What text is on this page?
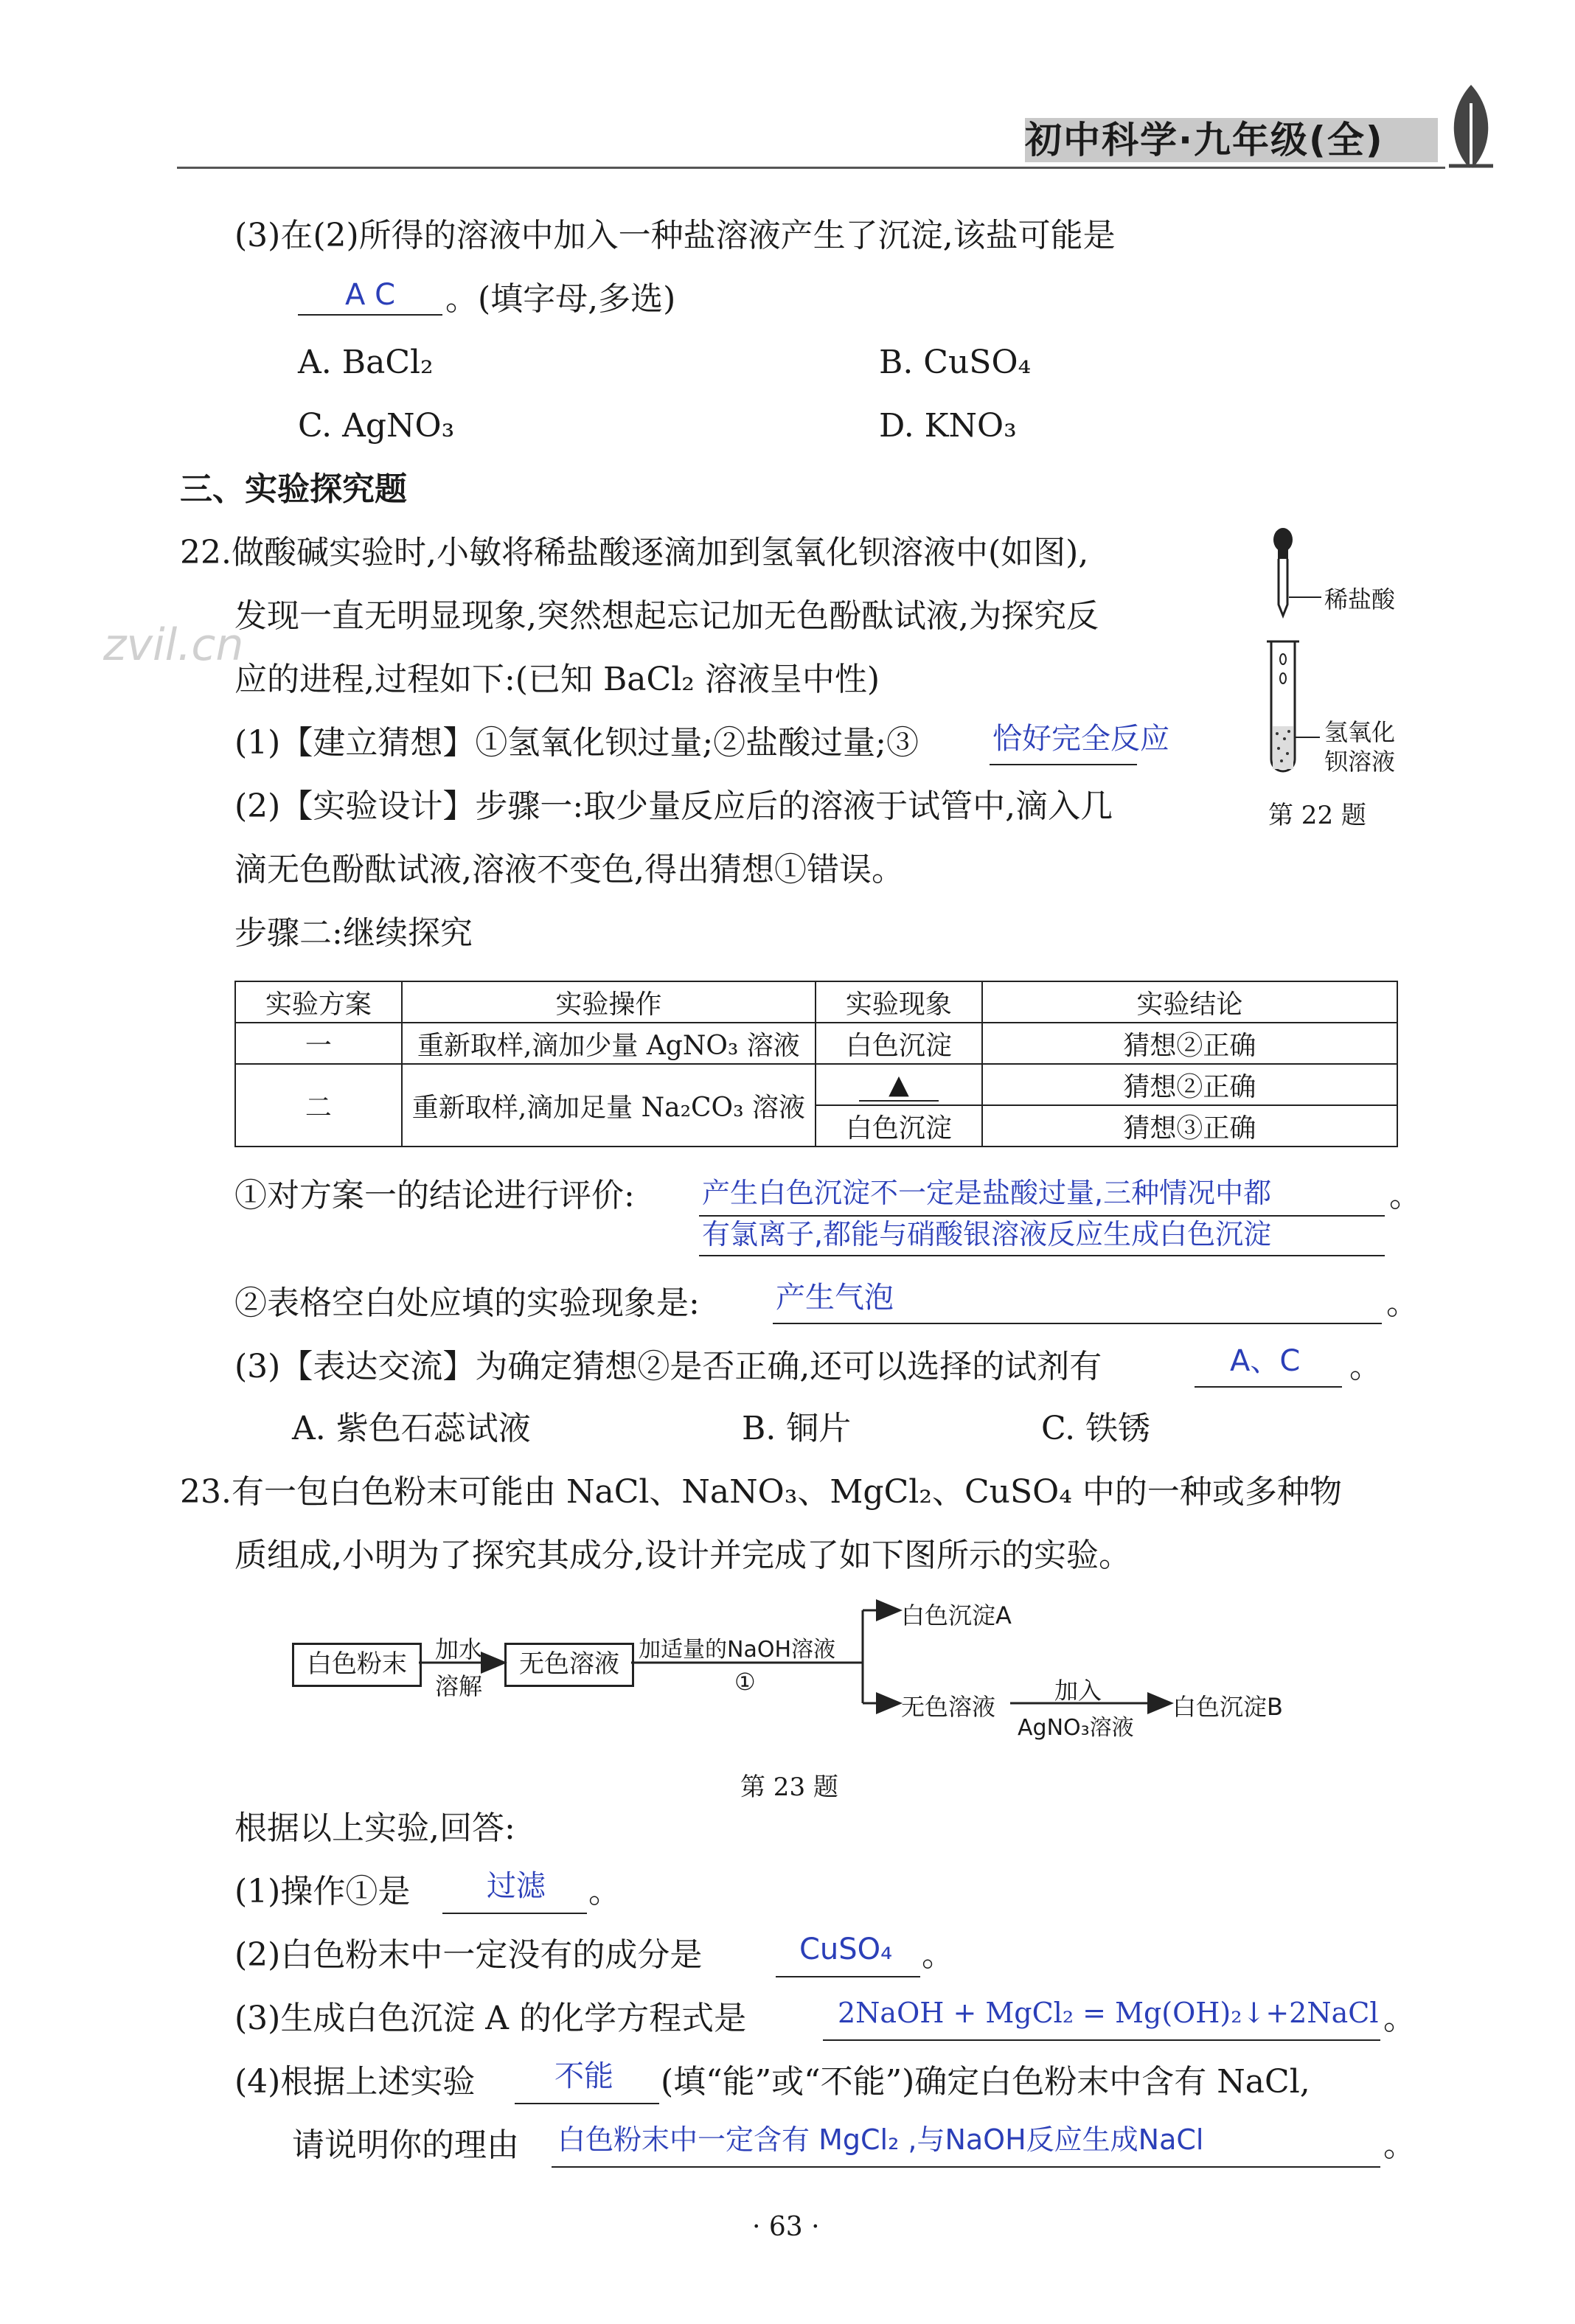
初中科学·九年级(全)
zvil.cn
(3)在(2)所得的溶液中加入一种盐溶液产生了沉淀,该盐可能是
A C 。(填字母,多选)
A. BaCl₂	B. CuSO₄
C. AgNO₃	D. KNO₃
三、实验探究题
22.做酸碱实验时,小敏将稀盐酸逐滴加到氢氧化钡溶液中(如图),
发现一直无明显现象,突然想起忘记加无色酚酞试液,为探究反
应的进程,过程如下:(已知 BaCl₂ 溶液呈中性)
(1)【建立猜想】①氢氧化钡过量;②盐酸过量;③	恰好完全反应
(2)【实验设计】步骤一:取少量反应后的溶液于试管中,滴入几
滴无色酚酞试液,溶液不变色,得出猜想①错误。
步骤二:继续探究
稀盐酸
氢氧化
钡溶液
第 22 题
实验方案	实验操作	实验现象	实验结论
一	重新取样,滴加少量 AgNO₃ 溶液	白色沉淀	猜想②正确
二	重新取样,滴加足量 Na₂CO₃ 溶液	▲	猜想②正确
		白色沉淀	猜想③正确
①对方案一的结论进行评价: 产生白色沉淀不一定是盐酸过量,三种情况中都	。
有氯离子,都能与硝酸银溶液反应生成白色沉淀
②表格空白处应填的实验现象是:	产生气泡	。
(3)【表达交流】为确定猜想②是否正确,还可以选择的试剂有	A、C 。
A. 紫色石蕊试液	B. 铜片	C. 铁锈
23.有一包白色粉末可能由 NaCl、NaNO₃、MgCl₂、CuSO₄ 中的一种或多种物
质组成,小明为了探究其成分,设计并完成了如下图所示的实验。
白色粉末	加水
溶解
无色溶液 加适量的NaOH溶液
①
白色沉淀A
无色溶液
加入
AgNO₃溶液
白色沉淀B
第 23 题
根据以上实验,回答:
(1)操作①是	过滤 。
(2)白色粉末中一定没有的成分是	CuSO₄ 。
(3)生成白色沉淀 A 的化学方程式是	2NaOH + MgCl₂ = Mg(OH)₂↓+2NaCl 。
(4)根据上述实验	不能 (填“能”或“不能”)确定白色粉末中含有 NaCl,
请说明你的理由 白色粉末中一定含有 MgCl₂ ,与NaOH反应生成NaCl	。
· 63 ·
